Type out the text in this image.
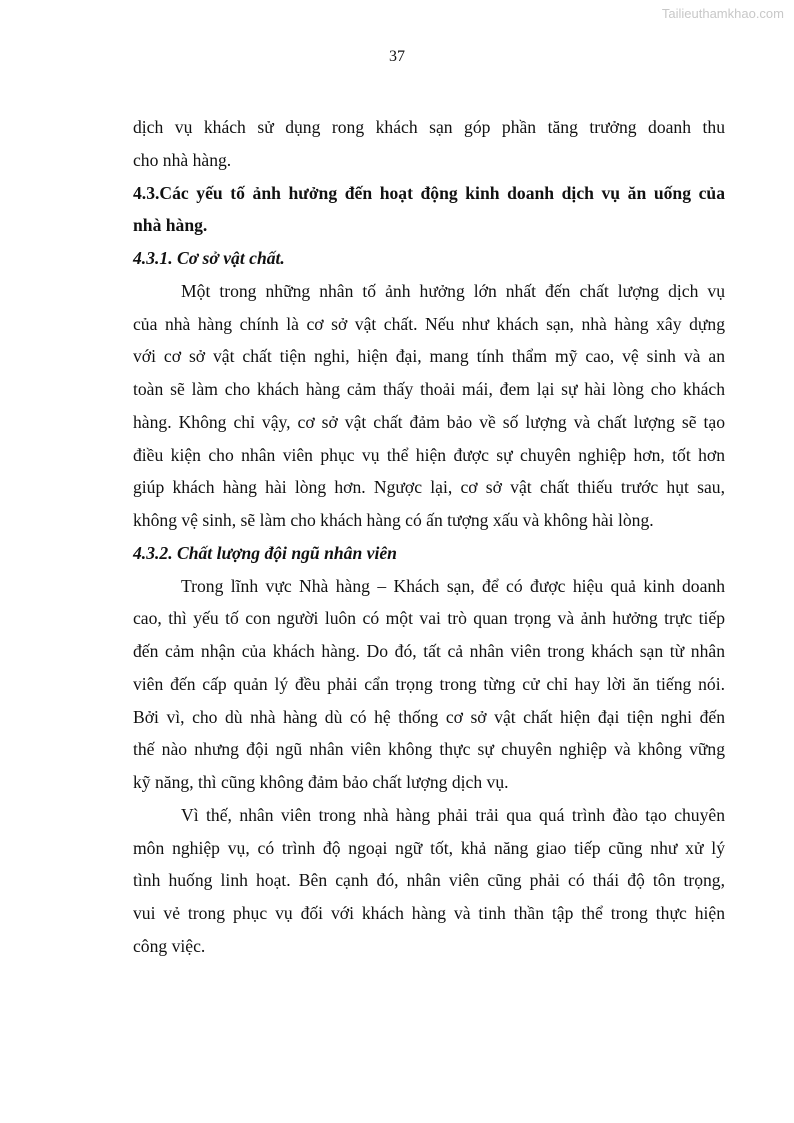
Tailieuthamkhao.com
37
dịch vụ khách sử dụng rong khách sạn góp phần tăng trưởng doanh thu
cho nhà hàng.
4.3.Các yếu tố ảnh hưởng đến hoạt động kinh doanh dịch vụ ăn uống của
nhà hàng.
4.3.1. Cơ sở vật chất.
Một trong những nhân tố ảnh hưởng lớn nhất đến chất lượng dịch vụ
của nhà hàng chính là cơ sở vật chất. Nếu như khách sạn, nhà hàng xây dựng
với cơ sở vật chất tiện nghi, hiện đại, mang tính thẩm mỹ cao, vệ sinh và an
toàn sẽ làm cho khách hàng cảm thấy thoải mái, đem lại sự hài lòng cho khách
hàng. Không chỉ vậy, cơ sở vật chất đảm bảo về số lượng và chất lượng sẽ tạo
điều kiện cho nhân viên phục vụ thể hiện được sự chuyên nghiệp hơn, tốt hơn
giúp khách hàng hài lòng hơn. Ngược lại, cơ sở vật chất thiếu trước hụt sau,
không vệ sinh, sẽ làm cho khách hàng có ấn tượng xấu và không hài lòng.
4.3.2. Chất lượng đội ngũ nhân viên
Trong lĩnh vực Nhà hàng – Khách sạn, để có được hiệu quả kinh doanh
cao, thì yếu tố con người luôn có một vai trò quan trọng và ảnh hưởng trực tiếp
đến cảm nhận của khách hàng. Do đó, tất cả nhân viên trong khách sạn từ nhân
viên đến cấp quản lý đều phải cẩn trọng trong từng cử chỉ hay lời ăn tiếng nói.
Bởi vì, cho dù nhà hàng dù có hệ thống cơ sở vật chất hiện đại tiện nghi đến
thế nào nhưng đội ngũ nhân viên không thực sự chuyên nghiệp và không vững
kỹ năng, thì cũng không đảm bảo chất lượng dịch vụ.
Vì thế, nhân viên trong nhà hàng phải trải qua quá trình đào tạo chuyên
môn nghiệp vụ, có trình độ ngoại ngữ tốt, khả năng giao tiếp cũng như xử lý
tình huống linh hoạt. Bên cạnh đó, nhân viên cũng phải có thái độ tôn trọng,
vui vẻ trong phục vụ đối với khách hàng và tinh thần tập thể trong thực hiện
công việc.
